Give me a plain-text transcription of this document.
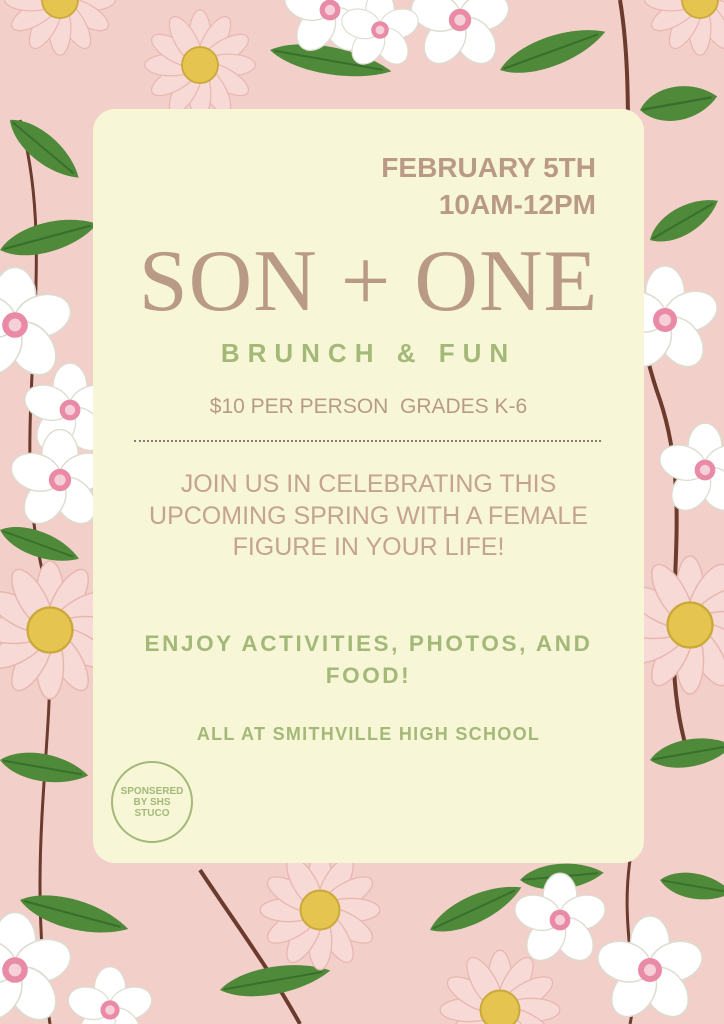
FEBRUARY 5TH
10AM-12PM
SON + ONE
BRUNCH & FUN
$10 PER PERSON  GRADES K-6
JOIN US IN CELEBRATING THIS UPCOMING SPRING WITH A FEMALE FIGURE IN YOUR LIFE!
ENJOY ACTIVITIES, PHOTOS, AND FOOD!
ALL AT SMITHVILLE HIGH SCHOOL
SPONSERED BY SHS STUCO
